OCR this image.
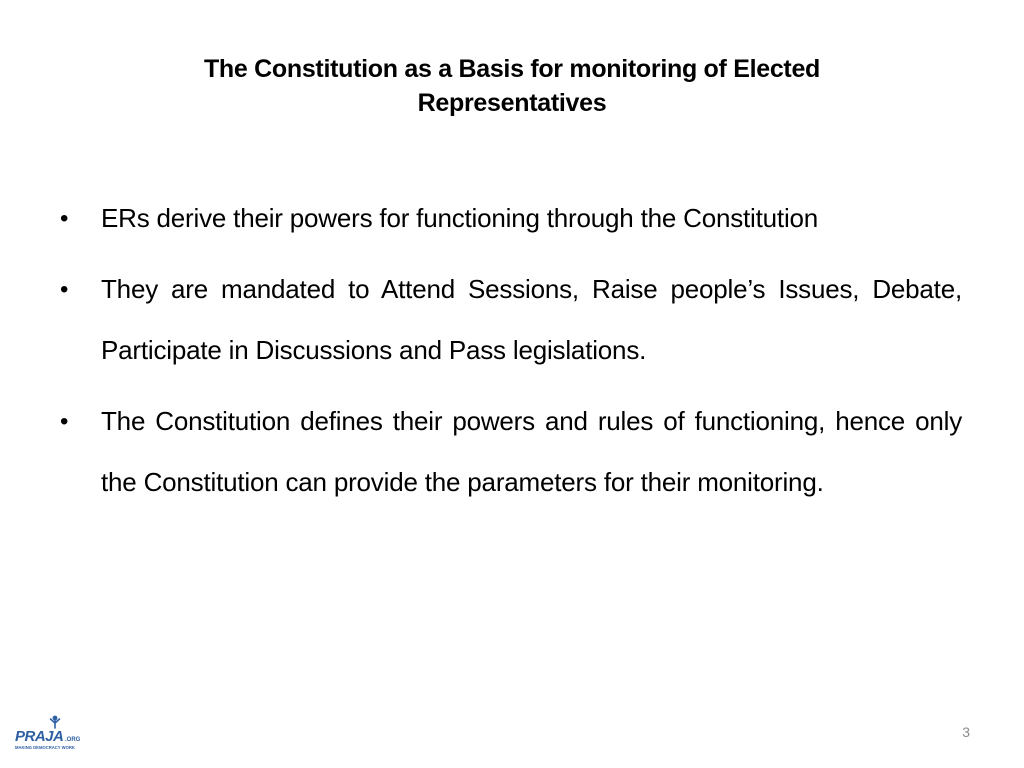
The Constitution as a Basis for monitoring of Elected
Representatives
• ERs derive their powers for functioning through the Constitution
• They are mandated to Attend Sessions, Raise people’s Issues, Debate, Participate in Discussions and Pass legislations.
• The Constitution defines their powers and rules of functioning, hence only the Constitution can provide the parameters for their monitoring.
PRAJA .ORG
MAKING DEMOCRACY WORK
3
